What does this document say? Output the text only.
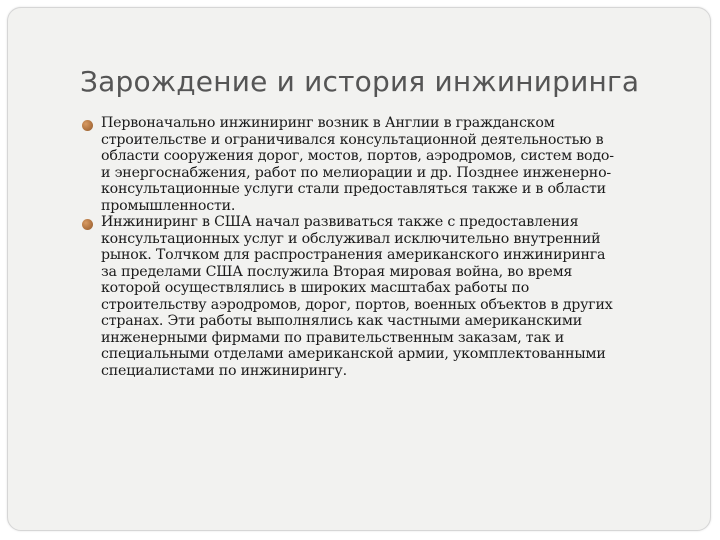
Зарождение и история инжиниринга
Первоначально инжиниринг возник в Англии в гражданском
строительстве и ограничивался консультационной деятельностью в
области сооружения дорог, мостов, портов, аэродромов, систем водо-
и энергоснабжения, работ по мелиорации и др. Позднее инженерно-
консультационные услуги стали предоставляться также и в области
промышленности.
Инжиниринг в США начал развиваться также с предоставления
консультационных услуг и обслуживал исключительно внутренний
рынок. Толчком для распространения американского инжиниринга
за пределами США послужила Вторая мировая война, во время
которой осуществлялись в широких масштабах работы по
строительству аэродромов, дорог, портов, военных объектов в других
странах. Эти работы выполнялись как частными американскими
инженерными фирмами по правительственным заказам, так и
специальными отделами американской армии, укомплектованными
специалистами по инжинирингу.
